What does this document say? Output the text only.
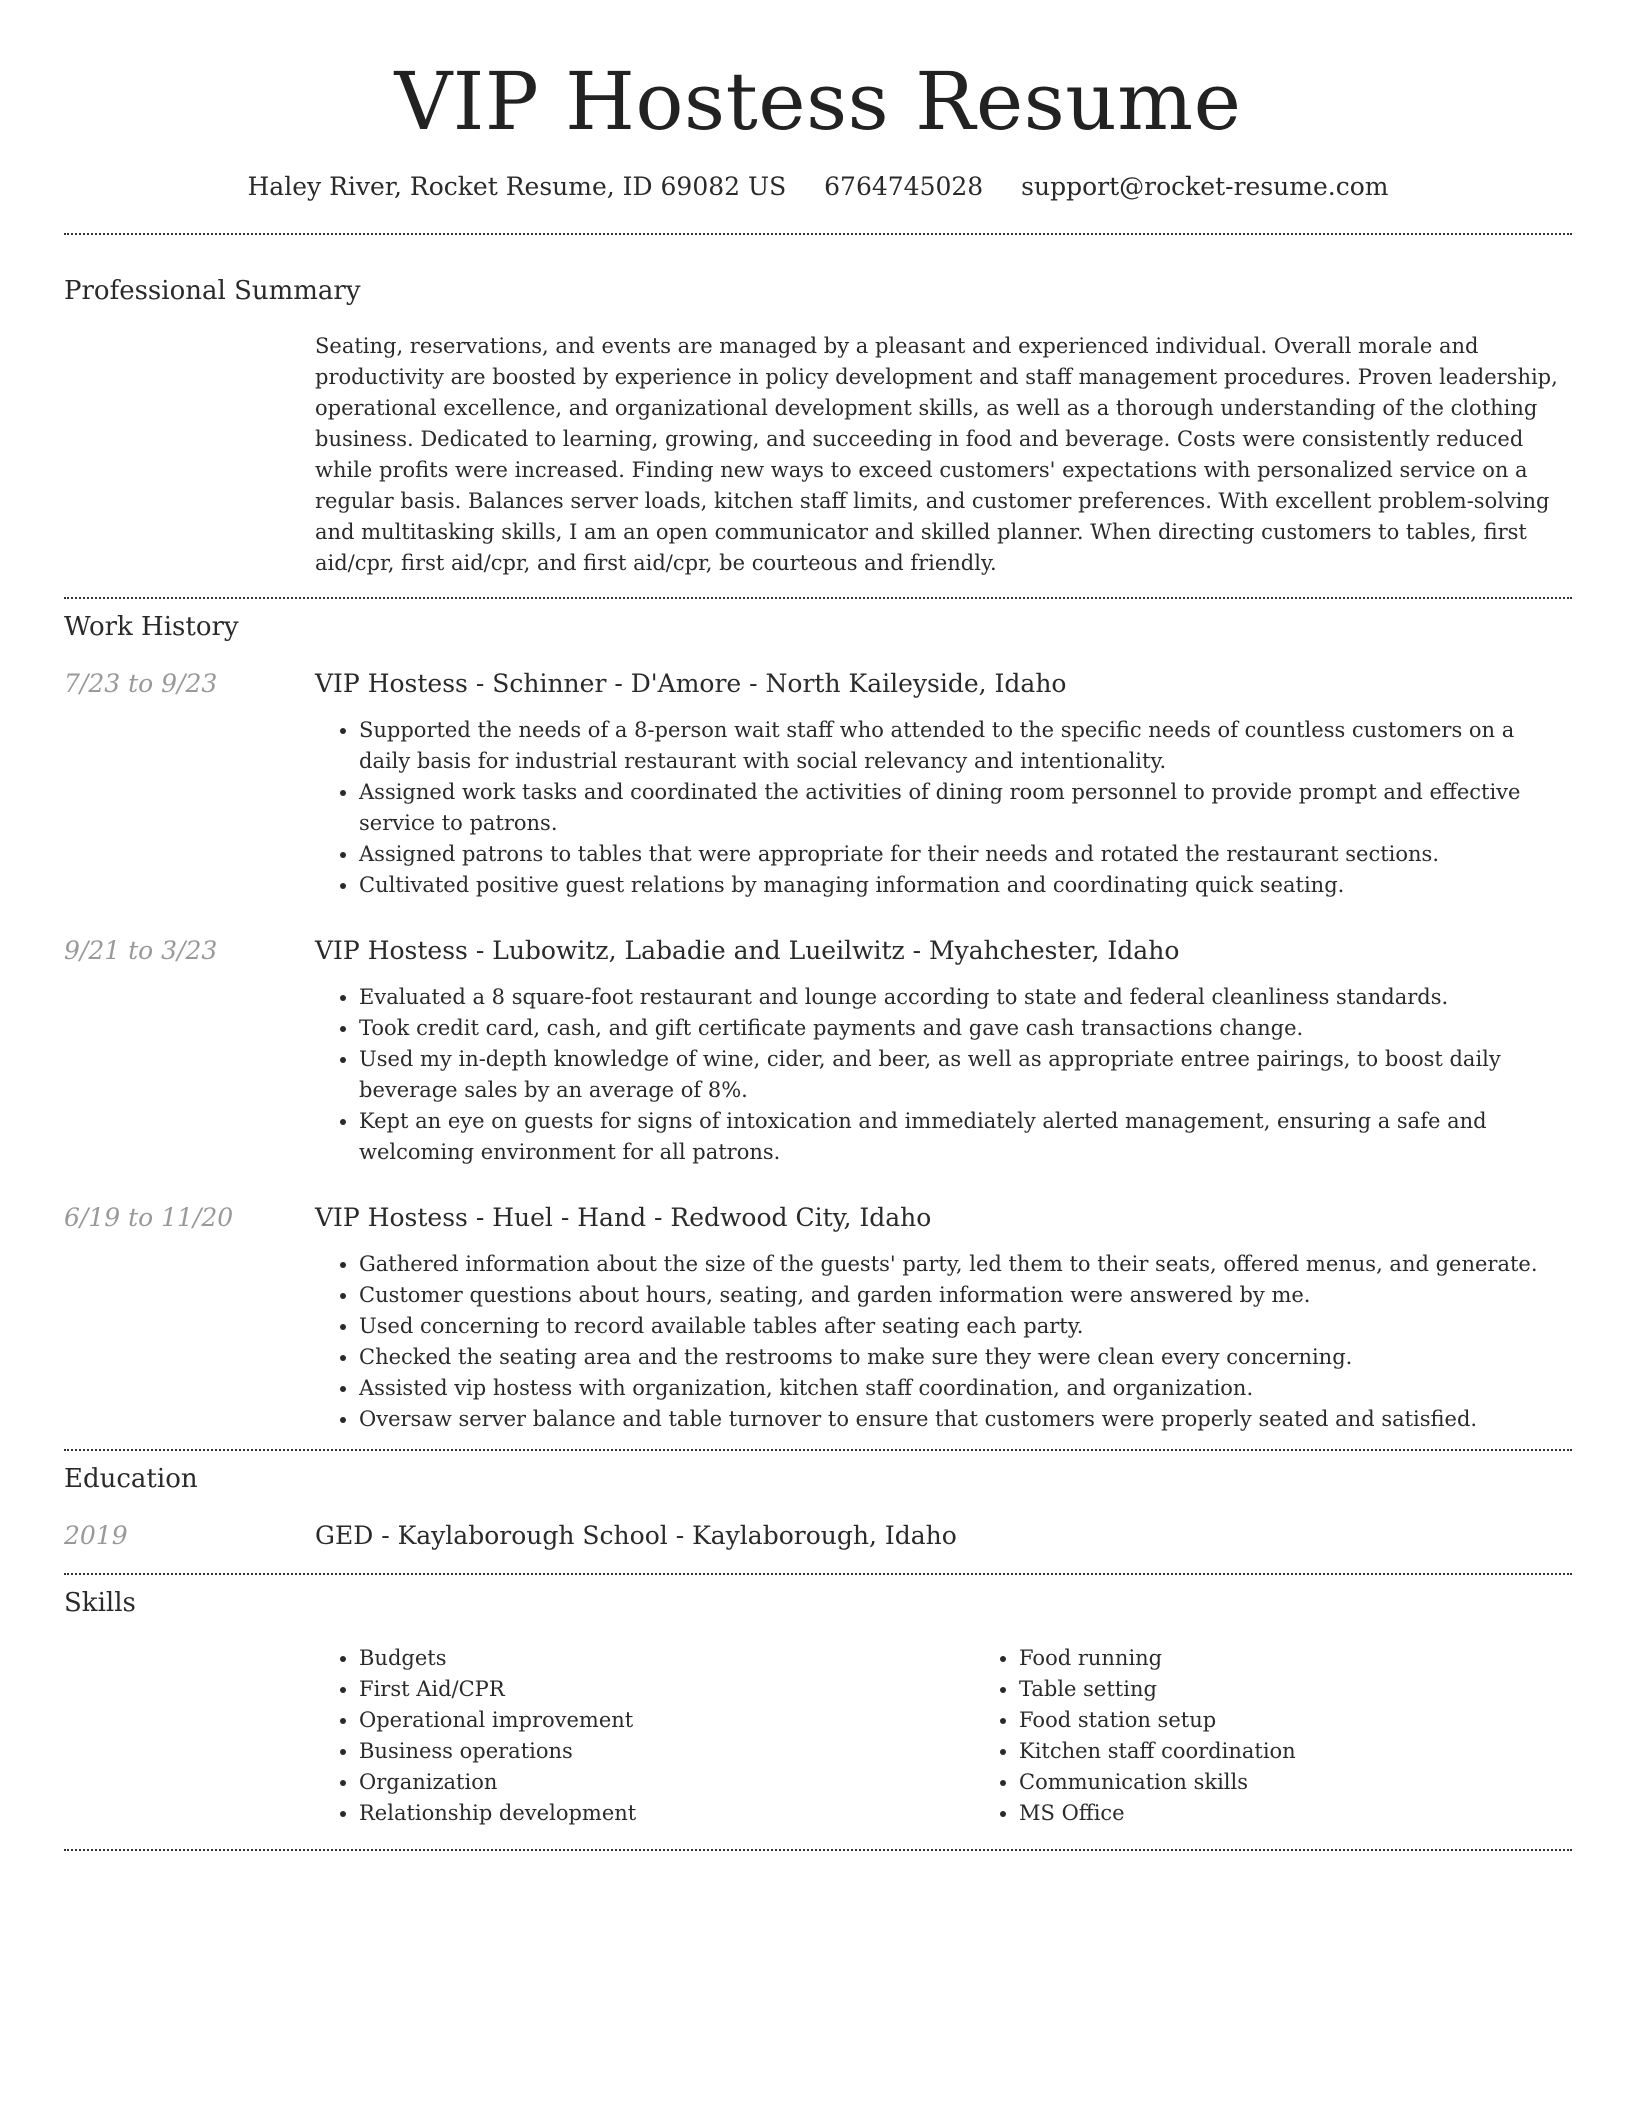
VIP Hostess Resume
Haley River, Rocket Resume, ID 69082 US 6764745028 support@rocket-resume.com
Professional Summary

Seating, reservations, and events are managed by a pleasant and experienced individual. Overall morale and productivity are boosted by experience in policy development and staff management procedures. Proven leadership, operational excellence, and organizational development skills, as well as a thorough understanding of the clothing business. Dedicated to learning, growing, and succeeding in food and beverage. Costs were consistently reduced while profits were increased. Finding new ways to exceed customers' expectations with personalized service on a regular basis. Balances server loads, kitchen staff limits, and customer preferences. With excellent problem-solving and multitasking skills, I am an open communicator and skilled planner. When directing customers to tables, first aid/cpr, first aid/cpr, and first aid/cpr, be courteous and friendly.

Work History
7/23 to 9/23	VIP Hostess - Schinner - D'Amore - North Kaileyside, Idaho
• Supported the needs of a 8-person wait staff who attended to the specific needs of countless customers on a daily basis for industrial restaurant with social relevancy and intentionality.
• Assigned work tasks and coordinated the activities of dining room personnel to provide prompt and effective service to patrons.
• Assigned patrons to tables that were appropriate for their needs and rotated the restaurant sections.
• Cultivated positive guest relations by managing information and coordinating quick seating.
9/21 to 3/23	VIP Hostess - Lubowitz, Labadie and Lueilwitz - Myahchester, Idaho
• Evaluated a 8 square-foot restaurant and lounge according to state and federal cleanliness standards.
• Took credit card, cash, and gift certificate payments and gave cash transactions change.
• Used my in-depth knowledge of wine, cider, and beer, as well as appropriate entree pairings, to boost daily beverage sales by an average of 8%.
• Kept an eye on guests for signs of intoxication and immediately alerted management, ensuring a safe and welcoming environment for all patrons.
6/19 to 11/20	VIP Hostess - Huel - Hand - Redwood City, Idaho
• Gathered information about the size of the guests' party, led them to their seats, offered menus, and generate.
• Customer questions about hours, seating, and garden information were answered by me.
• Used concerning to record available tables after seating each party.
• Checked the seating area and the restrooms to make sure they were clean every concerning.
• Assisted vip hostess with organization, kitchen staff coordination, and organization.
• Oversaw server balance and table turnover to ensure that customers were properly seated and satisfied.
Education
2019	GED - Kaylaborough School - Kaylaborough, Idaho
Skills
• Budgets
• First Aid/CPR
• Operational improvement
• Business operations
• Organization
• Relationship development
• Food running
• Table setting
• Food station setup
• Kitchen staff coordination
• Communication skills
• MS Office
